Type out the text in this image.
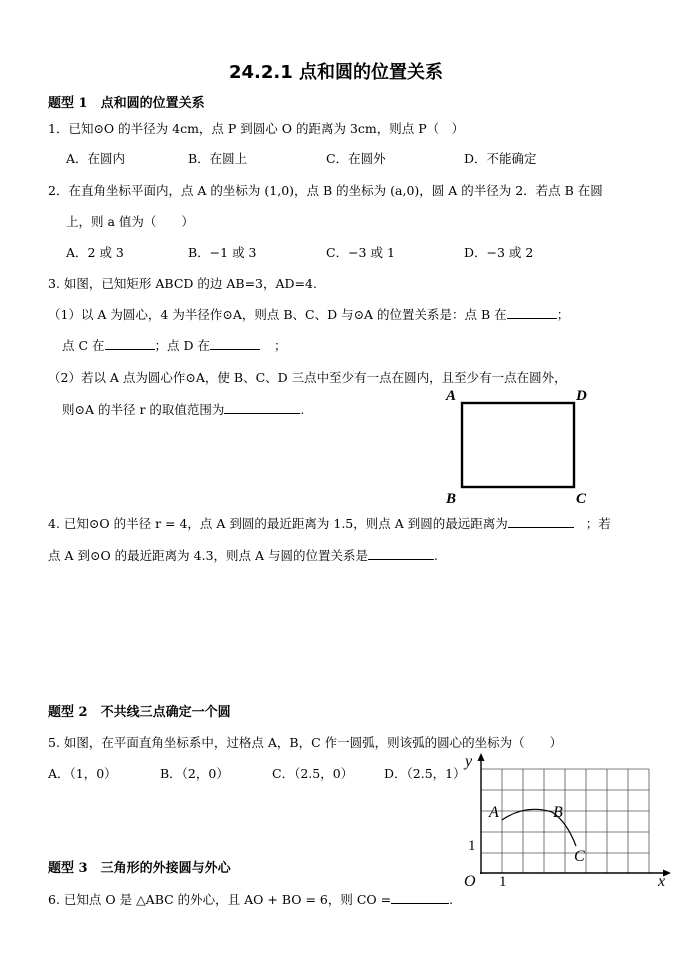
24.2.1 点和圆的位置关系
题型 1　点和圆的位置关系
1．已知⊙O 的半径为 4cm，点 P 到圆心 O 的距离为 3cm，则点 P（　）
A．在圆内	B．在圆上	C．在圆外	D．不能确定
2．在直角坐标平面内，点 A 的坐标为 (1,0)，点 B 的坐标为 (a,0)，圆 A 的半径为 2．若点 B 在圆
上，则 a 值为（　　）
A．2 或 3	B．−1 或 3	C．−3 或 1	D．−3 或 2
3. 如图，已知矩形 ABCD 的边 AB=3，AD=4.
（1）以 A 为圆心，4 为半径作⊙A，则点 B、C、D 与⊙A 的位置关系是：点 B 在	；
点 C 在	；点 D 在	；
（2）若以 A 点为圆心作⊙A，使 B、C、D 三点中至少有一点在圆内，且至少有一点在圆外，
则⊙A 的半径 r 的取值范围为	.
A	D
B	C
4. 已知⊙O 的半径 r = 4，点 A 到圆的最近距离为 1.5，则点 A 到圆的最远距离为	；若
点 A 到⊙O 的最近距离为 4.3，则点 A 与圆的位置关系是	.
题型 2　不共线三点确定一个圆
5. 如图，在平面直角坐标系中，过格点 A，B，C 作一圆弧，则该弧的圆心的坐标为（　　）
A．（1，0）	B．（2，0）	C．（2.5，0） D．（2.5，1）
y
x
O 1
1
A	B
C
题型 3　三角形的外接圆与外心
6. 已知点 O 是 △ABC 的外心，且 AO + BO = 6，则 CO =	.
